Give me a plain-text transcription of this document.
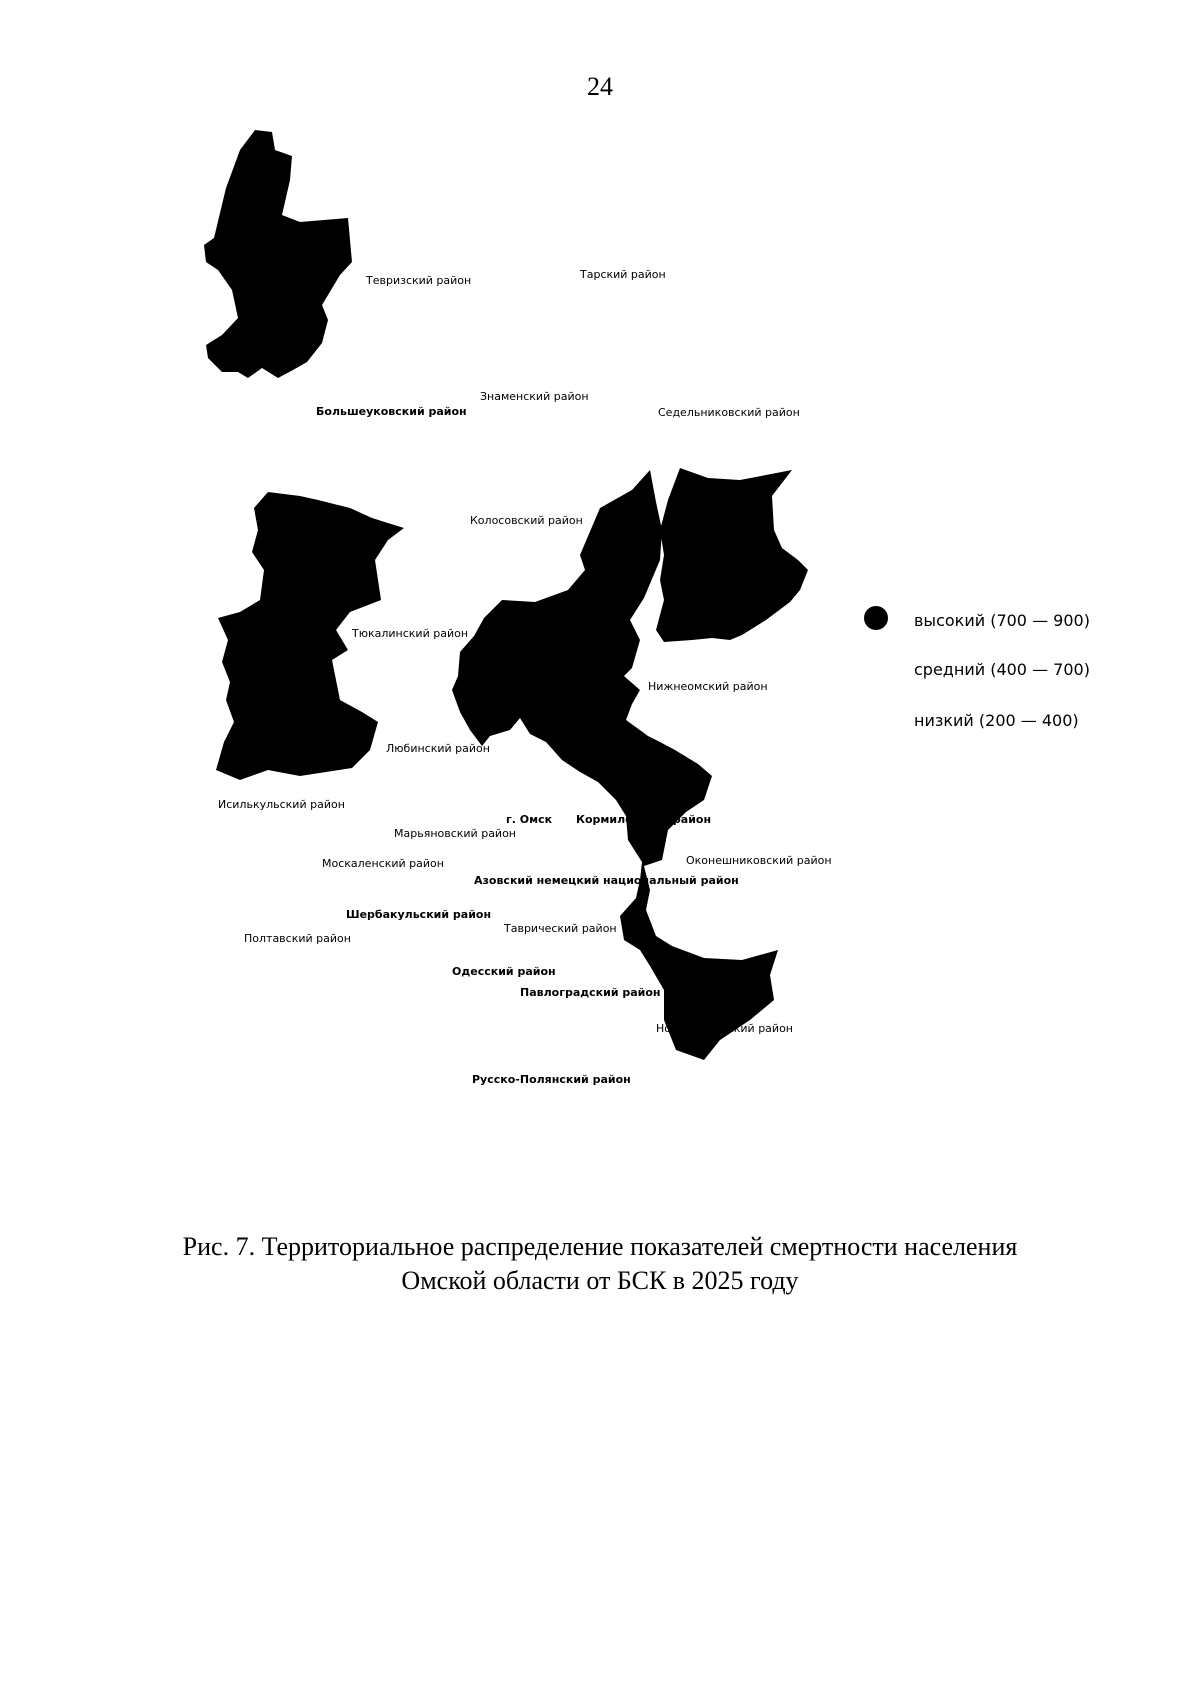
24
Тевризский район	Тарский район
Знаменский район
Большеуковский район	Седельниковский район
Колосовский район
Тюкалинский район
Нижнеомский район
Любинский район
Исилькульский район
г. Омск Кормиловский район
Марьяновский район
Москаленский район	Оконешниковский район
Азовский немецкий национальный район
Шербакульский район
Таврический район
Полтавский район
Одесский район
Павлоградский район
Нововаршавский район
Русско-Полянский район
высокий (700 — 900)
средний (400 — 700)
низкий (200 — 400)
Рис. 7. Территориальное распределение показателей смертности населения
Омской области от БСК в 2025 году
